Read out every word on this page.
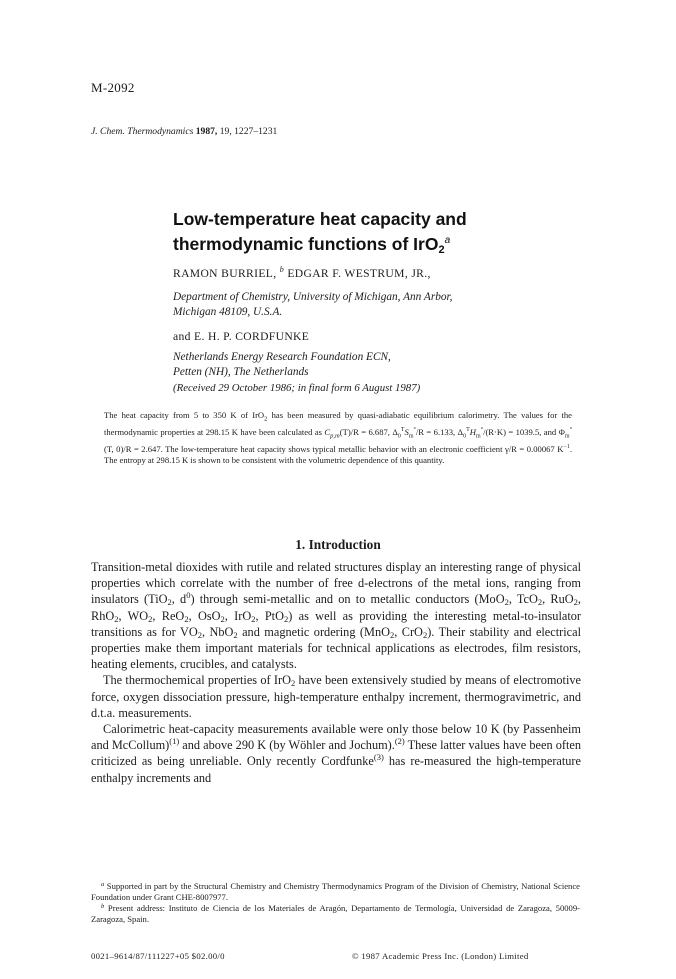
M-2092
J. Chem. Thermodynamics 1987, 19, 1227–1231
Low-temperature heat capacity and
thermodynamic functions of IrO$_2^a$
RAMON BURRIEL, $^b$ EDGAR F. WESTRUM, JR.,
Department of Chemistry, University of Michigan, Ann Arbor,
Michigan 48109, U.S.A.
and E. H. P. CORDFUNKE
Netherlands Energy Research Foundation ECN,
Petten (NH), The Netherlands
(Received 29 October 1986; in final form 6 August 1987)
The heat capacity from 5 to 350 K of IrO$_2$ has been measured by quasi-adiabatic equilibrium calorimetry. The values for the thermodynamic properties at 298.15 K have been calculated as $C_{p,m}(T)/R = 6.687$, $\Delta_0^TS_m^\circ/R = 6.133$, $\Delta_0^TH_m^\circ/(R\cdot K) = 1039.5$, and $\Phi_m^\circ(T$, 0)/R = 2.647. The low-temperature heat capacity shows typical metallic behavior with an electronic coefficient γ/R = 0.00067 $K^{-1}$. The entropy at 298.15 K is shown to be consistent with the volumetric dependence of this quantity.
1. Introduction

Transition-metal dioxides with rutile and related structures display an interesting range of physical properties which correlate with the number of free d-electrons of the metal ions, ranging from insulators (TiO$_2$, $d^0$) through semi-metallic and on to metallic conductors (MoO$_2$, TcO$_2$, RuO$_2$, RhO$_2$, $WO_2$, ReO$_2$, OsO$_2$, IrO$_2$, PtO$_2$) as well as providing the interesting metal-to-insulator transitions as for $VO_2$, NbO$_2$ and magnetic ordering (MnO$_2$, CrO$_2$). Their stability and electrical properties make them important materials for technical applications as electrodes, film resistors, heating elements, crucibles, and catalysts.

The thermochemical properties of IrO$_2$ have been extensively studied by means of electromotive force, oxygen dissociation pressure, high-temperature enthalpy increment, thermogravimetric, and d.t.a. measurements.

Calorimetric heat-capacity measurements available were only those below 10 K (by Passenheim and McCollum)$^{(1)}$ and above 290 K (by Wöhler and Jochum).$^{(2)}$ These latter values have been often criticized as being unreliable. Only recently Cordfunke$^{(3)}$ has re-measured the high-temperature enthalpy increments and

$^a$ Supported in part by the Structural Chemistry and Chemistry Thermodynamics Program of the Division of Chemistry, National Science Foundation under Grant CHE-8007977.

$^b$ Present address: Instituto de Ciencia de los Materiales de Aragón, Departamento de Termología, Universidad de Zaragoza, 50009-Zaragoza, Spain.

0021–9614/87/111227+05 $02.00/0	© 1987 Academic Press Inc. (London) Limited
